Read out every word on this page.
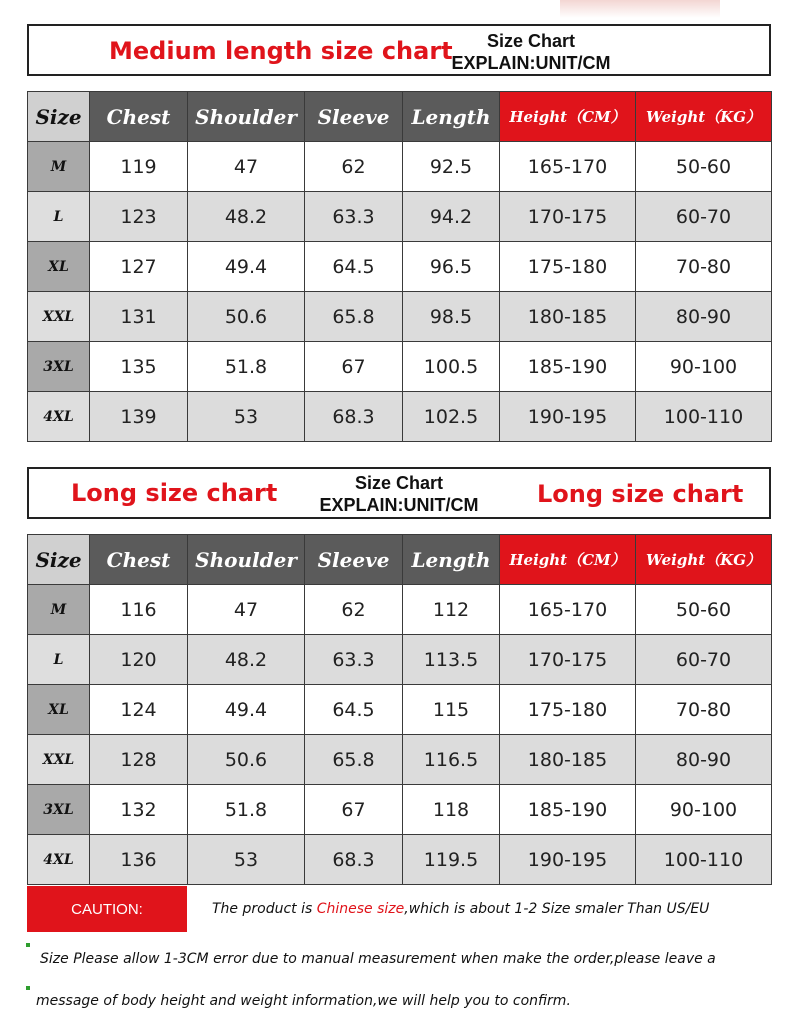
Medium length size chart	Size Chart
EXPLAIN:UNIT/CM
Size	Chest	Shoulder	Sleeve	Length	Height（CM）	Weight（KG）
M	119	47	62	92.5	165-170	50-60
L	123	48.2	63.3	94.2	170-175	60-70
XL	127	49.4	64.5	96.5	175-180	70-80
XXL	131	50.6	65.8	98.5	180-185	80-90
3XL	135	51.8	67	100.5	185-190	90-100
4XL	139	53	68.3	102.5	190-195	100-110
Long size chart	Size Chart
EXPLAIN:UNIT/CM	Long size chart
Size	Chest	Shoulder	Sleeve	Length	Height（CM）	Weight（KG）
M	116	47	62	112	165-170	50-60
L	120	48.2	63.3	113.5	170-175	60-70
XL	124	49.4	64.5	115	175-180	70-80
XXL	128	50.6	65.8	116.5	180-185	80-90
3XL	132	51.8	67	118	185-190	90-100
4XL	136	53	68.3	119.5	190-195	100-110
CAUTION:	The product is Chinese size,which is about 1-2 Size smaler Than US/EU
Size Please allow 1-3CM error due to manual measurement when make the order,please leave a
message of body height and weight information,we will help you to confirm.
